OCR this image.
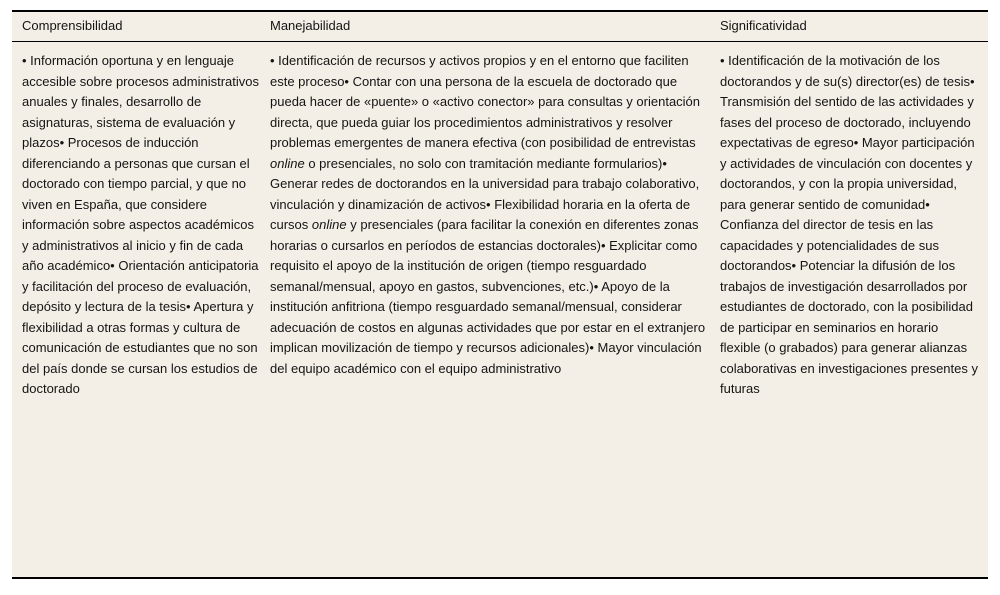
Comprensibilidad	Manejabilidad	Significatividad
• Información oportuna y en lenguaje accesible sobre procesos administrativos anuales y finales, desarrollo de asignaturas, sistema de evaluación y plazos• Procesos de inducción diferenciando a personas que cursan el doctorado con tiempo parcial, y que no viven en España, que considere información sobre aspectos académicos y administrativos al inicio y fin de cada año académico• Orientación anticipatoria y facilitación del proceso de evaluación, depósito y lectura de la tesis• Apertura y flexibilidad a otras formas y cultura de comunicación de estudiantes que no son del país donde se cursan los estudios de doctorado
• Identificación de recursos y activos propios y en el entorno que faciliten este proceso• Contar con una persona de la escuela de doctorado que pueda hacer de «puente» o «activo conector» para consultas y orientación directa, que pueda guiar los procedimientos administrativos y resolver problemas emergentes de manera efectiva (con posibilidad de entrevistas online o presenciales, no solo con tramitación mediante formularios)• Generar redes de doctorandos en la universidad para trabajo colaborativo, vinculación y dinamización de activos• Flexibilidad horaria en la oferta de cursos online y presenciales (para facilitar la conexión en diferentes zonas horarias o cursarlos en períodos de estancias doctorales)• Explicitar como requisito el apoyo de la institución de origen (tiempo resguardado semanal/mensual, apoyo en gastos, subvenciones, etc.)• Apoyo de la institución anfitriona (tiempo resguardado semanal/mensual, considerar adecuación de costos en algunas actividades que por estar en el extranjero implican movilización de tiempo y recursos adicionales)• Mayor vinculación del equipo académico con el equipo administrativo
• Identificación de la motivación de los doctorandos y de su(s) director(es) de tesis• Transmisión del sentido de las actividades y fases del proceso de doctorado, incluyendo expectativas de egreso• Mayor participación y actividades de vinculación con docentes y doctorandos, y con la propia universidad, para generar sentido de comunidad• Confianza del director de tesis en las capacidades y potencialidades de sus doctorandos• Potenciar la difusión de los trabajos de investigación desarrollados por estudiantes de doctorado, con la posibilidad de participar en seminarios en horario flexible (o grabados) para generar alianzas colaborativas en investigaciones presentes y futuras
